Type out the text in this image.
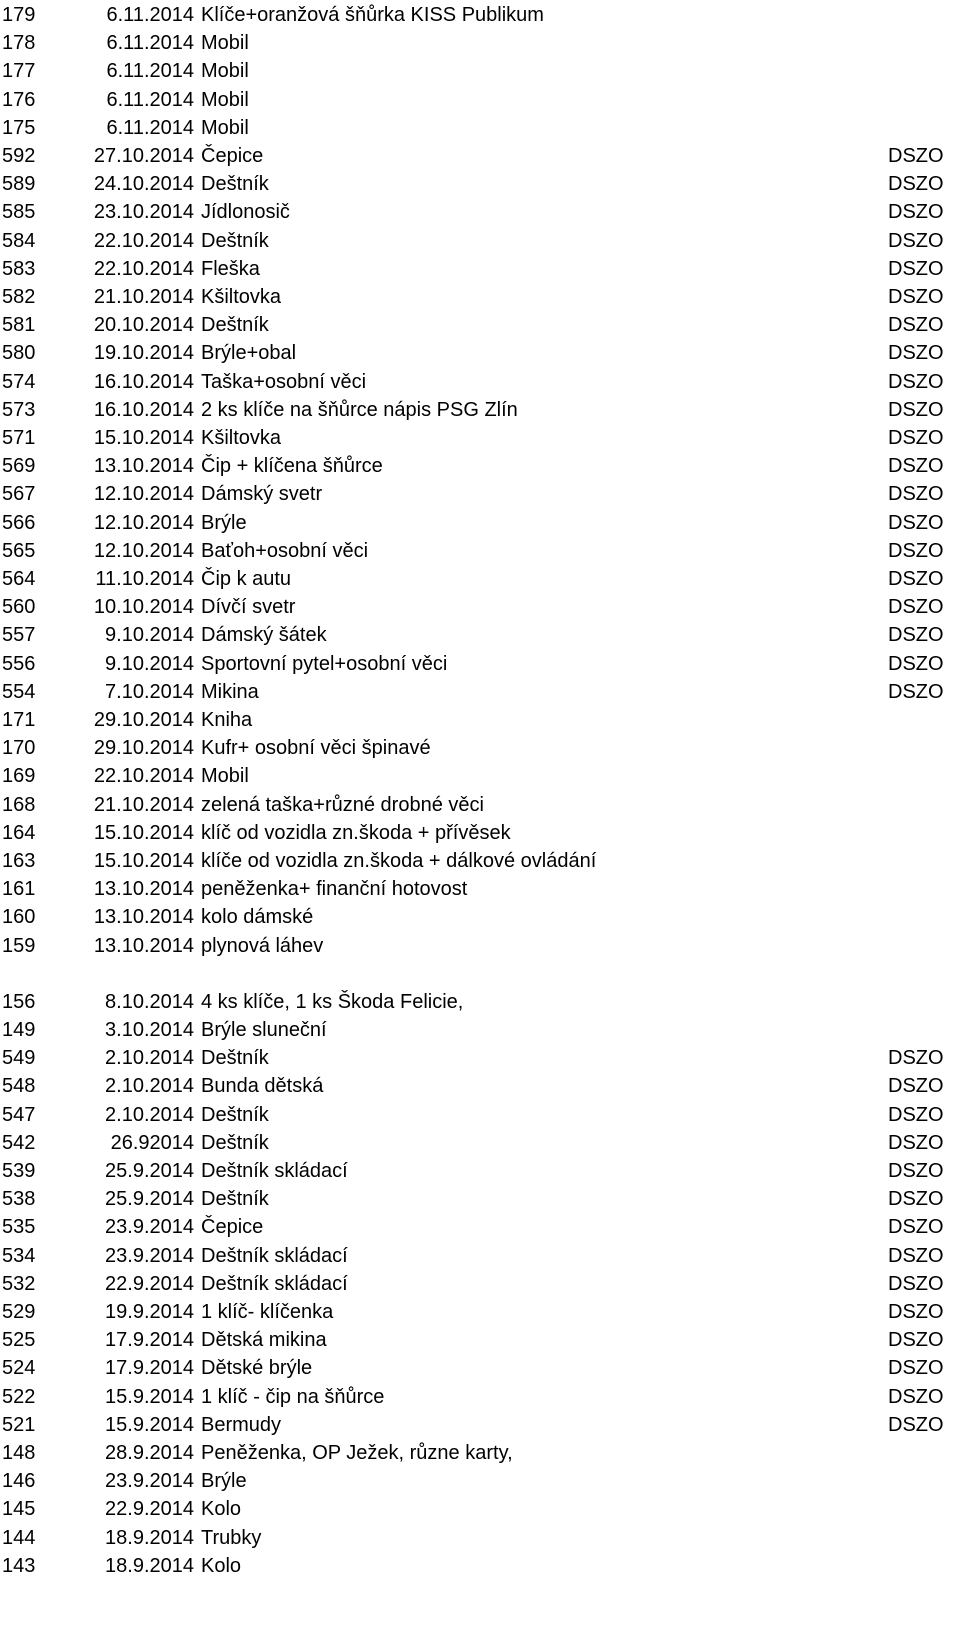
179	6.11.2014 Klíče+oranžová šňůrka KISS Publikum
178	6.11.2014 Mobil
177	6.11.2014 Mobil
176	6.11.2014 Mobil
175	6.11.2014 Mobil
592	27.10.2014 Čepice	DSZO
589	24.10.2014 Deštník	DSZO
585	23.10.2014 Jídlonosič	DSZO
584	22.10.2014 Deštník	DSZO
583	22.10.2014 Fleška	DSZO
582	21.10.2014 Kšiltovka	DSZO
581	20.10.2014 Deštník	DSZO
580	19.10.2014 Brýle+obal	DSZO
574	16.10.2014 Taška+osobní věci	DSZO
573	16.10.2014 2 ks klíče na šňůrce nápis PSG Zlín	DSZO
571	15.10.2014 Kšiltovka	DSZO
569	13.10.2014 Čip + klíčena šňůrce	DSZO
567	12.10.2014 Dámský svetr	DSZO
566	12.10.2014 Brýle	DSZO
565	12.10.2014 Baťoh+osobní věci	DSZO
564	11.10.2014 Čip k autu	DSZO
560	10.10.2014 Dívčí svetr	DSZO
557	9.10.2014 Dámský šátek	DSZO
556	9.10.2014 Sportovní pytel+osobní věci	DSZO
554	7.10.2014 Mikina	DSZO
171	29.10.2014 Kniha
170	29.10.2014 Kufr+ osobní věci špinavé
169	22.10.2014 Mobil
168	21.10.2014 zelená taška+různé drobné věci
164	15.10.2014 klíč od vozidla zn.škoda + přívěsek
163	15.10.2014 klíče od vozidla zn.škoda + dálkové ovládání
161	13.10.2014 peněženka+ finanční hotovost
160	13.10.2014 kolo dámské
159	13.10.2014 plynová láhev
156	8.10.2014 4 ks klíče, 1 ks Škoda Felicie,
149	3.10.2014 Brýle sluneční
549	2.10.2014 Deštník	DSZO
548	2.10.2014 Bunda dětská	DSZO
547	2.10.2014 Deštník	DSZO
542	26.92014 Deštník	DSZO
539	25.9.2014 Deštník skládací	DSZO
538	25.9.2014 Deštník	DSZO
535	23.9.2014 Čepice	DSZO
534	23.9.2014 Deštník skládací	DSZO
532	22.9.2014 Deštník skládací	DSZO
529	19.9.2014 1 klíč- klíčenka	DSZO
525	17.9.2014 Dětská mikina	DSZO
524	17.9.2014 Dětské brýle	DSZO
522	15.9.2014 1 klíč - čip na šňůrce	DSZO
521	15.9.2014 Bermudy	DSZO
148	28.9.2014 Peněženka, OP Ježek, různe karty,
146	23.9.2014 Brýle
145	22.9.2014 Kolo
144	18.9.2014 Trubky
143	18.9.2014 Kolo
